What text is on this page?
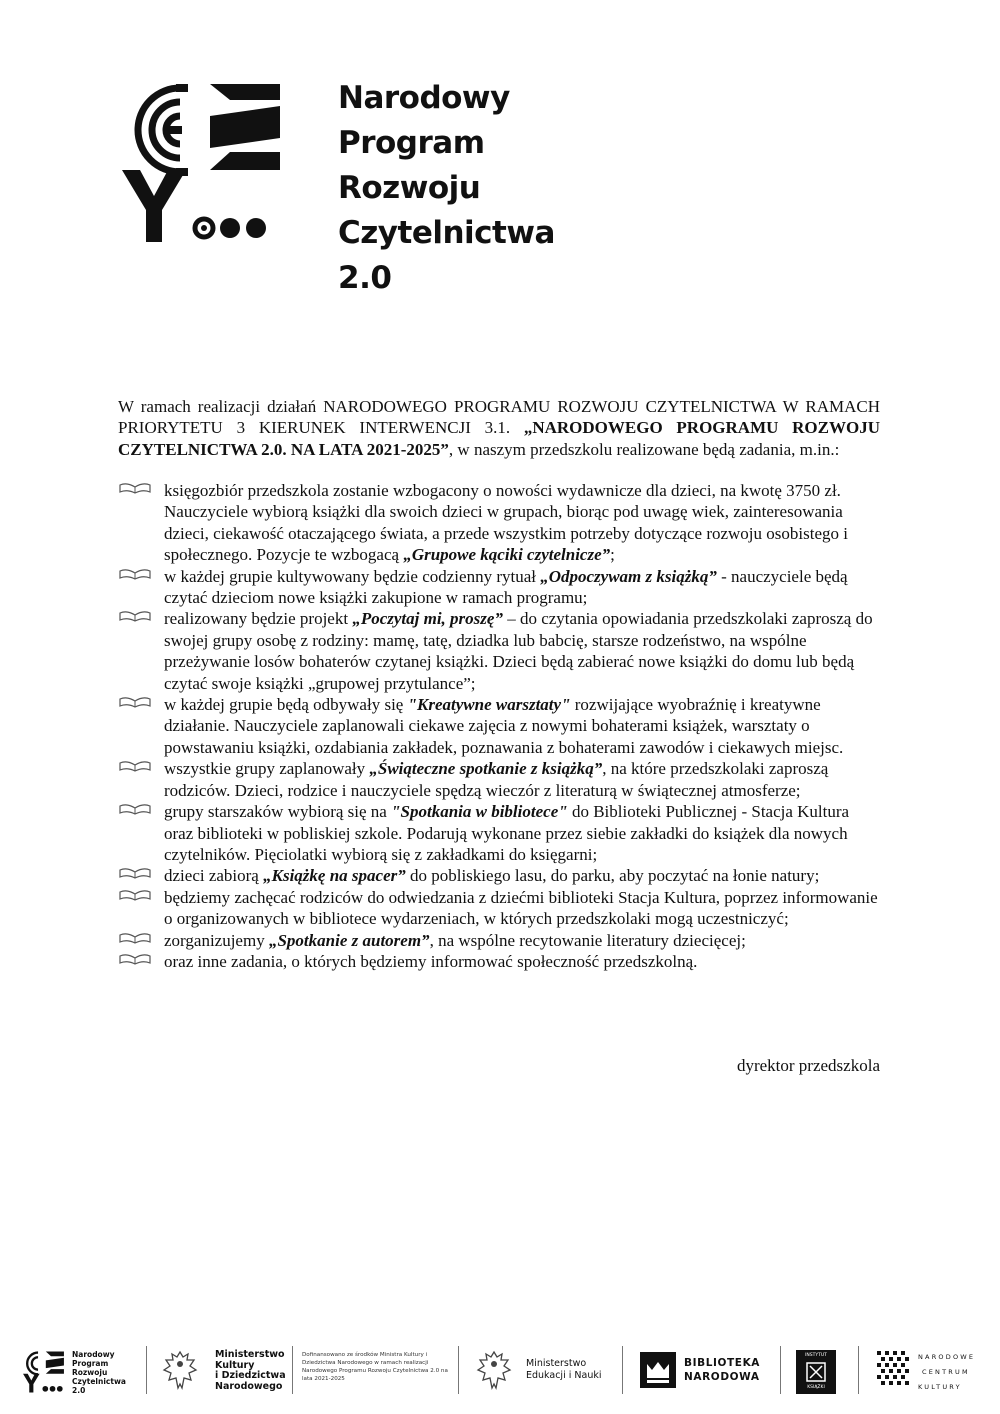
Narodowy
Program
Rozwoju
Czytelnictwa
2.0
W ramach realizacji działań NARODOWEGO PROGRAMU ROZWOJU CZYTELNICTWA W RAMACH PRIORYTETU 3 KIERUNEK INTERWENCJI 3.1. „NARODOWEGO PROGRAMU ROZWOJU CZYTELNICTWA 2.0. NA LATA 2021-2025”, w naszym przedszkolu realizowane będą zadania, m.in.:
księgozbiór przedszkola zostanie wzbogacony o nowości wydawnicze dla dzieci, na kwotę 3750 zł. Nauczyciele wybiorą książki dla swoich dzieci w grupach, biorąc pod uwagę wiek, zainteresowania dzieci, ciekawość otaczającego świata, a przede wszystkim potrzeby dotyczące rozwoju osobistego i społecznego. Pozycje te wzbogacą „Grupowe kąciki czytelnicze”;
w każdej grupie kultywowany będzie codzienny rytuał „Odpoczywam z książką” - nauczyciele będą czytać dzieciom nowe książki zakupione w ramach programu;
realizowany będzie projekt „Poczytaj mi, proszę” – do czytania opowiadania przedszkolaki zaproszą do swojej grupy osobę z rodziny: mamę, tatę, dziadka lub babcię, starsze rodzeństwo, na wspólne przeżywanie losów bohaterów czytanej książki. Dzieci będą zabierać nowe książki do domu lub będą czytać swoje książki „grupowej przytulance”;
w każdej grupie będą odbywały się "Kreatywne warsztaty" rozwijające wyobraźnię i kreatywne działanie. Nauczyciele zaplanowali ciekawe zajęcia z nowymi bohaterami książek, warsztaty o powstawaniu książki, ozdabiania zakładek, poznawania z bohaterami zawodów i ciekawych miejsc.
wszystkie grupy zaplanowały „Świąteczne spotkanie z książką”, na które przedszkolaki zaproszą rodziców. Dzieci, rodzice i nauczyciele spędzą wieczór z literaturą w świątecznej atmosferze;
grupy starszaków wybiorą się na "Spotkania w bibliotece" do Biblioteki Publicznej - Stacja Kultura oraz biblioteki w pobliskiej szkole. Podarują wykonane przez siebie zakładki do książek dla nowych czytelników. Pięciolatki wybiorą się z zakładkami do księgarni;
dzieci zabiorą „Książkę na spacer” do pobliskiego lasu, do parku, aby poczytać na łonie natury;
będziemy zachęcać rodziców do odwiedzania z dziećmi biblioteki Stacja Kultura, poprzez informowanie o organizowanych w bibliotece wydarzeniach, w których przedszkolaki mogą uczestniczyć;
zorganizujemy „Spotkanie z autorem”, na wspólne recytowanie literatury dziecięcej;
oraz inne zadania, o których będziemy informować społeczność przedszkolną.
dyrektor przedszkola
Narodowy
Program
Rozwoju
Czytelnictwa
2.0
Ministerstwo
Kultury
i Dziedzictwa
Narodowego
Dofinansowano ze środków Ministra Kultury i Dziedzictwa Narodowego w ramach realizacji Narodowego Programu Rozwoju Czytelnictwa 2.0 na lata 2021-2025
Ministerstwo
Edukacji i Nauki
BIBLIOTEKA
NARODOWA
INSTYTUT
KSIĄŻKI
NARODOWE
CENTRUM
KULTURY
